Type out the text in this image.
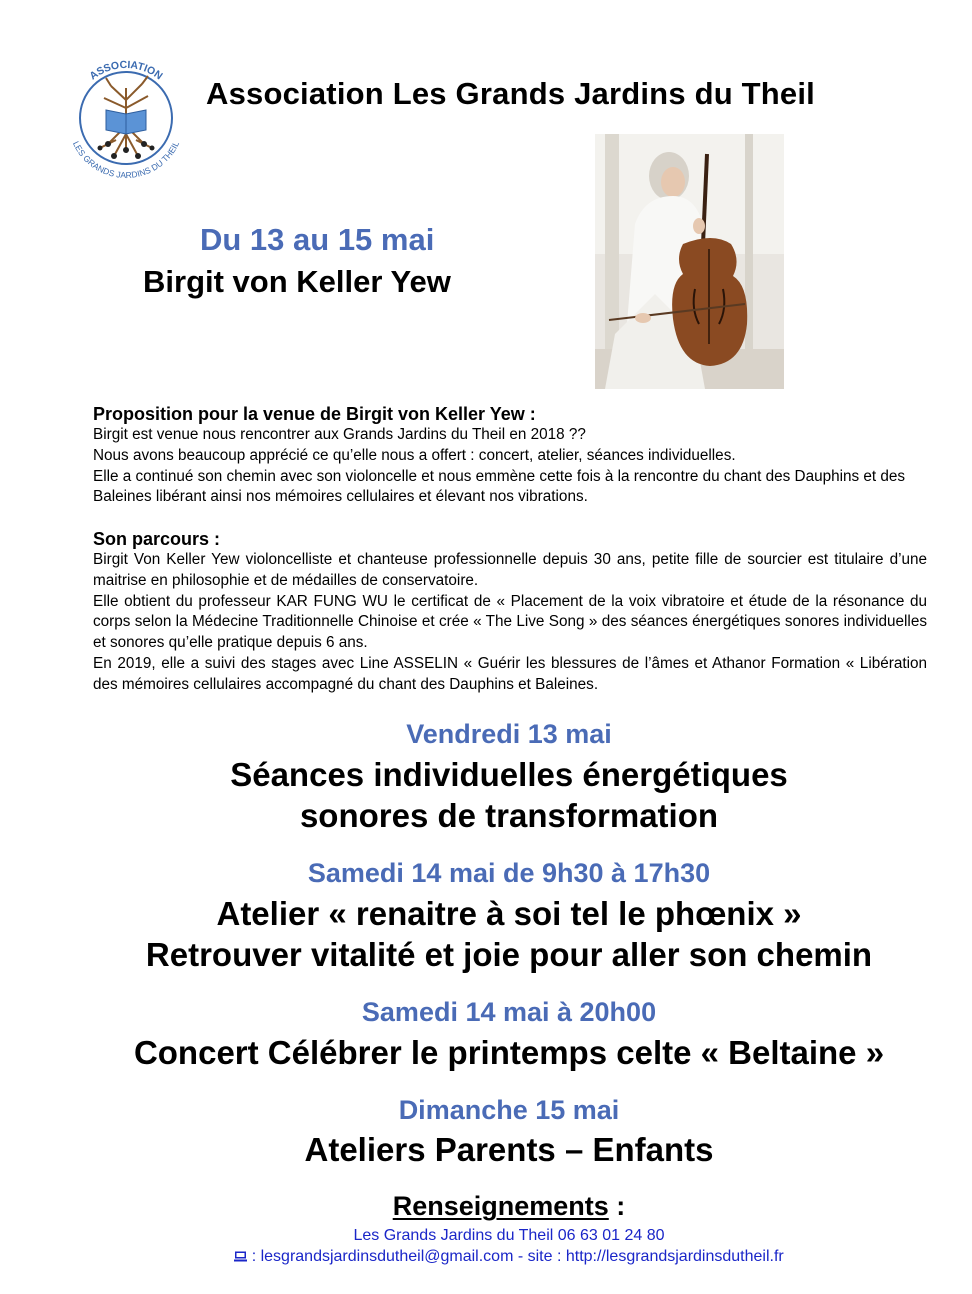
ASSOCIATION
LES GRANDS JARDINS DU THEIL
Association Les Grands Jardins du Theil
Du 13 au 15 mai
Birgit von Keller Yew

Proposition pour la venue de Birgit von Keller Yew :

Birgit est venue nous rencontrer aux Grands Jardins du Theil en 2018 ??

Nous avons beaucoup apprécié ce qu’elle nous a offert : concert, atelier, séances individuelles.

Elle a continué son chemin avec son violoncelle et nous emmène cette fois à la rencontre du chant des Dauphins et des Baleines libérant ainsi nos mémoires cellulaires et élevant nos vibrations.

Son parcours :

Birgit Von Keller Yew violoncelliste et chanteuse professionnelle depuis 30 ans, petite fille de sourcier est titulaire d’une maitrise en philosophie et de médailles de conservatoire.

Elle obtient du professeur KAR FUNG WU le certificat de « Placement de la voix vibratoire et étude de la résonance du corps selon la Médecine Traditionnelle Chinoise et crée « The Live Song » des séances énergétiques sonores individuelles et sonores qu’elle pratique depuis 6 ans.

En 2019, elle a suivi des stages avec Line ASSELIN « Guérir les blessures de l’âmes et Athanor Formation « Libération des mémoires cellulaires accompagné du chant des Dauphins et Baleines.

Vendredi 13 mai
Séances individuelles énergétiques
sonores de transformation
Samedi 14 mai de 9h30 à 17h30
Atelier « renaitre à soi tel le phœnix »
Retrouver vitalité et joie pour aller son chemin
Samedi 14 mai à 20h00
Concert Célébrer le printemps celte « Beltaine »
Dimanche 15 mai
Ateliers Parents – Enfants
Renseignements :
Les Grands Jardins du Theil 06 63 01 24 80
: lesgrandsjardinsdutheil@gmail.com - site : http://lesgrandsjardinsdutheil.fr
